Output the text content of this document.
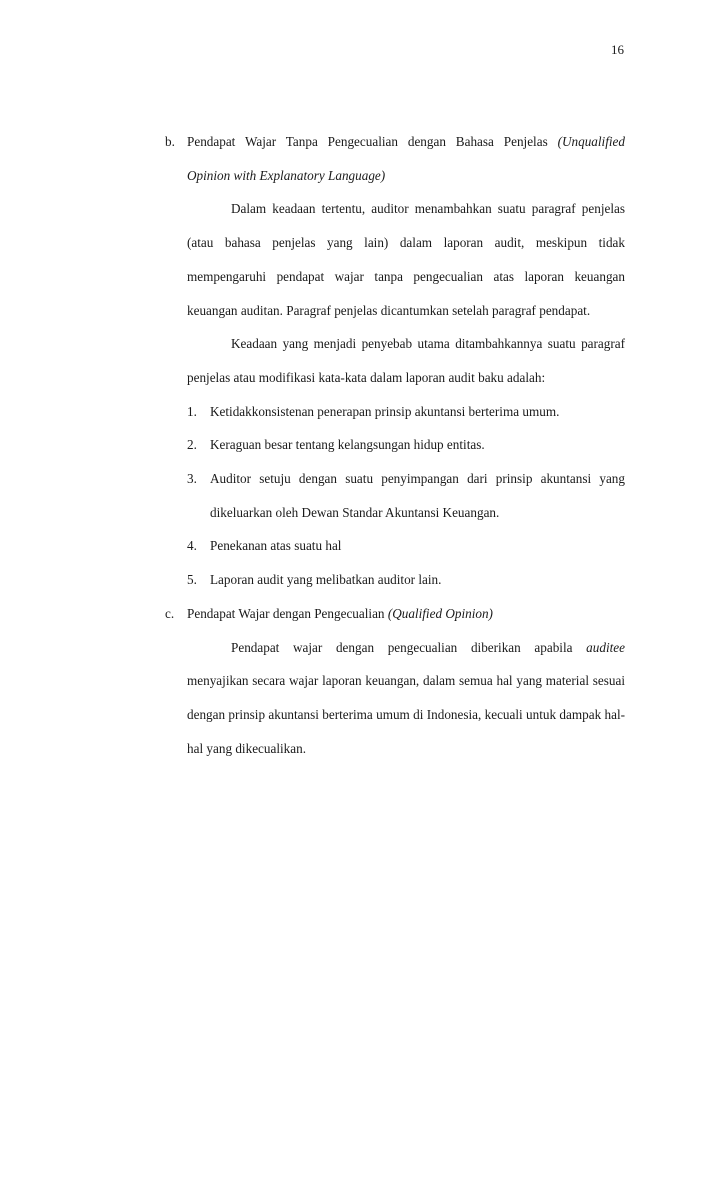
16
b. Pendapat Wajar Tanpa Pengecualian dengan Bahasa Penjelas (Unqualified Opinion with Explanatory Language)

Dalam keadaan tertentu, auditor menambahkan suatu paragraf penjelas (atau bahasa penjelas yang lain) dalam laporan audit, meskipun tidak mempengaruhi pendapat wajar tanpa pengecualian atas laporan keuangan keuangan auditan. Paragraf penjelas dicantumkan setelah paragraf pendapat.

Keadaan yang menjadi penyebab utama ditambahkannya suatu paragraf penjelas atau modifikasi kata-kata dalam laporan audit baku adalah:

1. Ketidakkonsistenan penerapan prinsip akuntansi berterima umum.
2. Keraguan besar tentang kelangsungan hidup entitas.
3. Auditor setuju dengan suatu penyimpangan dari prinsip akuntansi yang dikeluarkan oleh Dewan Standar Akuntansi Keuangan.
4. Penekanan atas suatu hal
5. Laporan audit yang melibatkan auditor lain.
c. Pendapat Wajar dengan Pengecualian (Qualified Opinion)

Pendapat wajar dengan pengecualian diberikan apabila auditee menyajikan secara wajar laporan keuangan, dalam semua hal yang material sesuai dengan prinsip akuntansi berterima umum di Indonesia, kecuali untuk dampak hal-hal yang dikecualikan.
